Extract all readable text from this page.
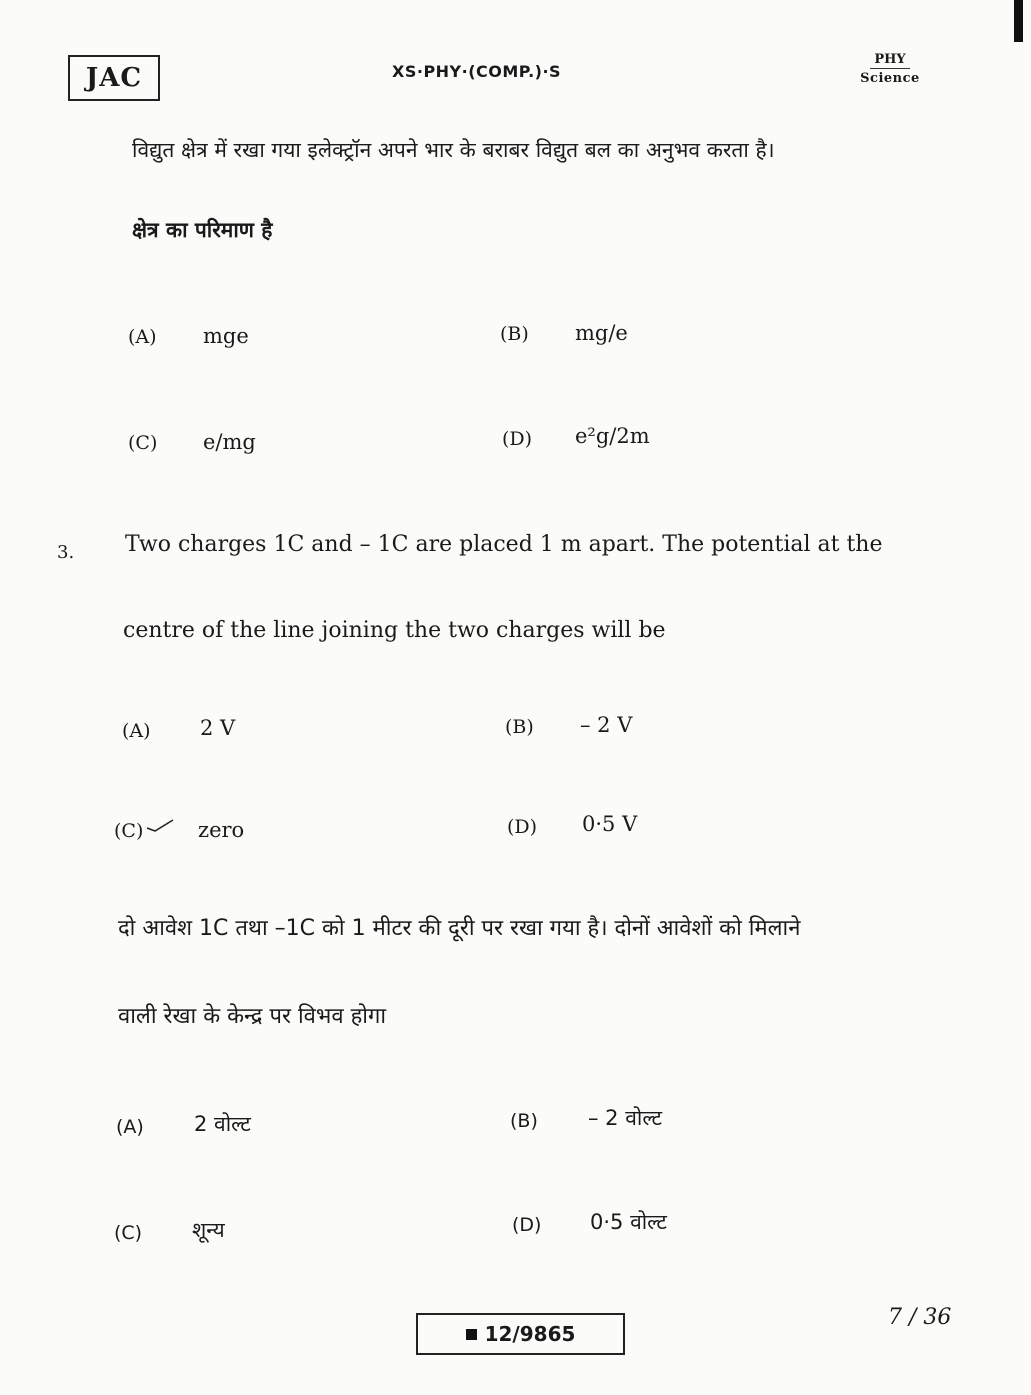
JAC	XS·PHY·(COMP.)·S
PHY
Science
विद्युत क्षेत्र में रखा गया इलेक्ट्रॉन अपने भार के बराबर विद्युत बल का अनुभव करता है।
क्षेत्र का परिमाण है
(A) mge	(B) mg/e
(C) e/mg	(D) e²g/2m
3. Two charges 1C and – 1C are placed 1 m apart. The potential at the
centre of the line joining the two charges will be
(A) 2 V	(B) – 2 V
(C)	zero	(D) 0·5 V
दो आवेश 1C तथा –1C को 1 मीटर की दूरी पर रखा गया है। दोनों आवेशों को मिलाने
वाली रेखा के केन्द्र पर विभव होगा
(A) 2 वोल्ट	(B) – 2 वोल्ट
(C) शून्य	(D) 0·5 वोल्ट
12/9865
7 / 36
